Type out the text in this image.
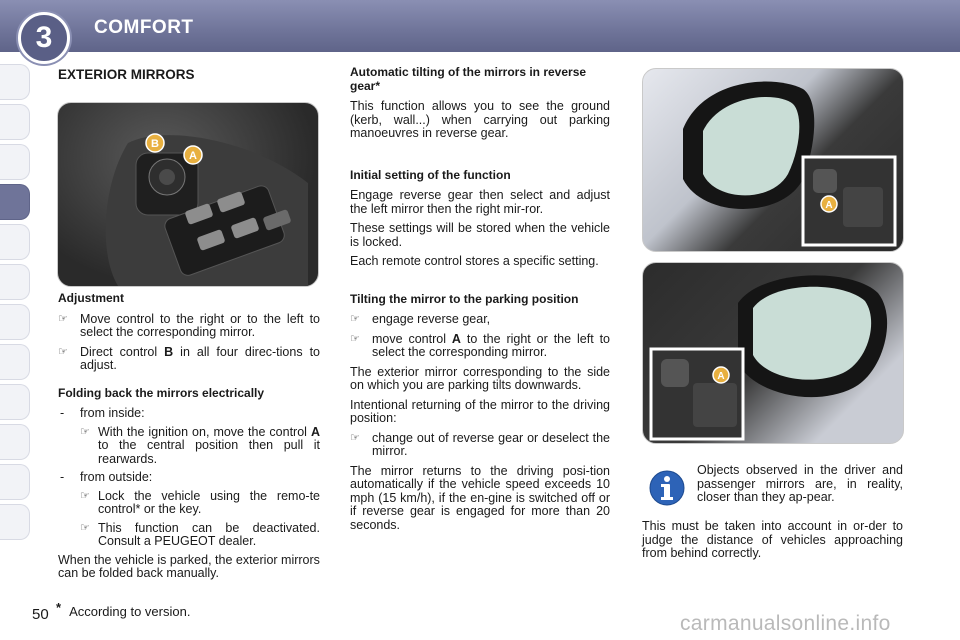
3 COMFORT
EXTERIOR MIRRORS
B
A
Adjustment
☞ Move control to the right or to the left to select the corresponding mirror.
☞ Direct control B in all four direc-tions to adjust.
Folding back the mirrors electrically
- from inside:
☞ With the ignition on, move the control A to the central position then pull it rearwards.
- from outside:
☞ Lock the vehicle using the remo-te control* or the key.
☞ This function can be deactivated. Consult a PEUGEOT dealer.

When the vehicle is parked, the exterior mirrors can be folded back manually.

Automatic tilting of the mirrors in reverse gear*

This function allows you to see the ground (kerb, wall...) when carrying out parking manoeuvres in reverse gear.

Initial setting of the function

Engage reverse gear then select and adjust the left mirror then the right mir-ror.

These settings will be stored when the vehicle is locked.

Each remote control stores a specific setting.

Tilting the mirror to the parking position
☞ engage reverse gear,
☞ move control A to the right or the left to select the corresponding mirror.

The exterior mirror corresponding to the side on which you are parking tilts downwards.

Intentional returning of the mirror to the driving position:

☞ change out of reverse gear or deselect the mirror.

The mirror returns to the driving posi-tion automatically if the vehicle speed exceeds 10 mph (15 km/h), if the en-gine is switched off or if reverse gear is engaged for more than 20 seconds.

A
A

Objects observed in the driver and passenger mirrors are, in reality, closer than they ap-pear.

This must be taken into account in or-der to judge the distance of vehicles approaching from behind correctly.

50 * According to version.
carmanualsonline.info
